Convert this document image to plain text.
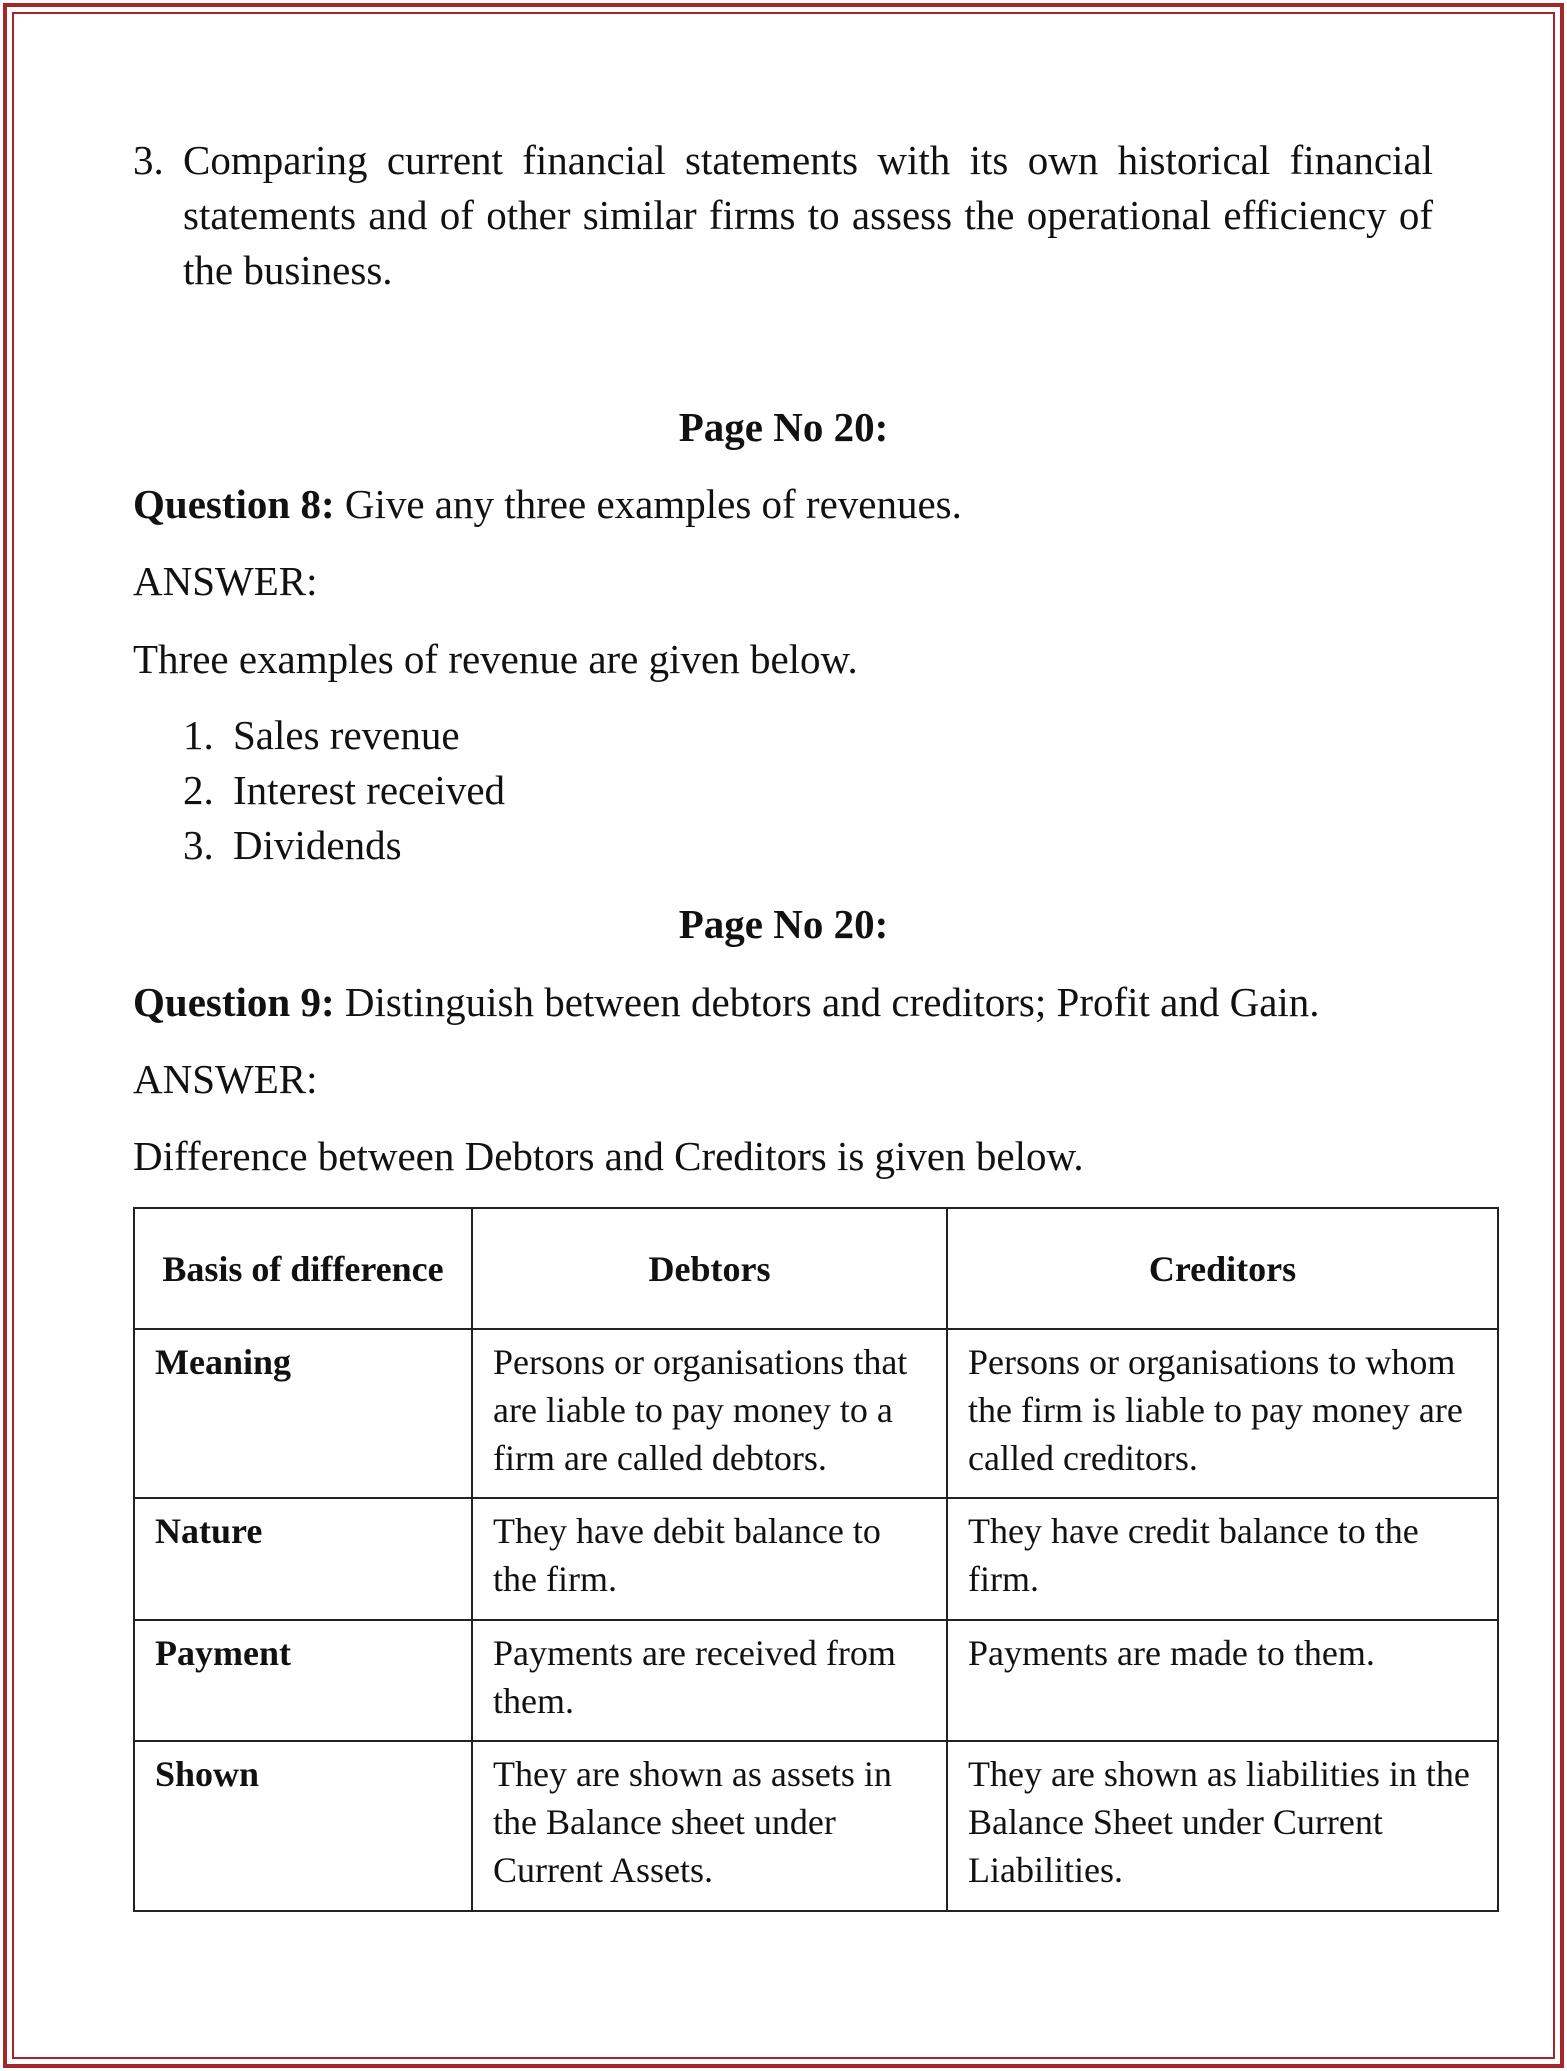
3. Comparing current financial statements with its own historical financial statements and of other similar firms to assess the operational efficiency of the business.
Page No 20:
Question 8: Give any three examples of revenues.
ANSWER:
Three examples of revenue are given below.
1. Sales revenue
2. Interest received
3. Dividends
Page No 20:
Question 9: Distinguish between debtors and creditors; Profit and Gain.
ANSWER:
Difference between Debtors and Creditors is given below.
Basis of difference	Debtors	Creditors
Meaning	Persons or organisations that are liable to pay money to a firm are called debtors.	Persons or organisations to whom the firm is liable to pay money are called creditors.
Nature	They have debit balance to the firm.	They have credit balance to the firm.
Payment	Payments are received from them.	Payments are made to them.
Shown	They are shown as assets in the Balance sheet under Current Assets.	They are shown as liabilities in the Balance Sheet under Current Liabilities.
